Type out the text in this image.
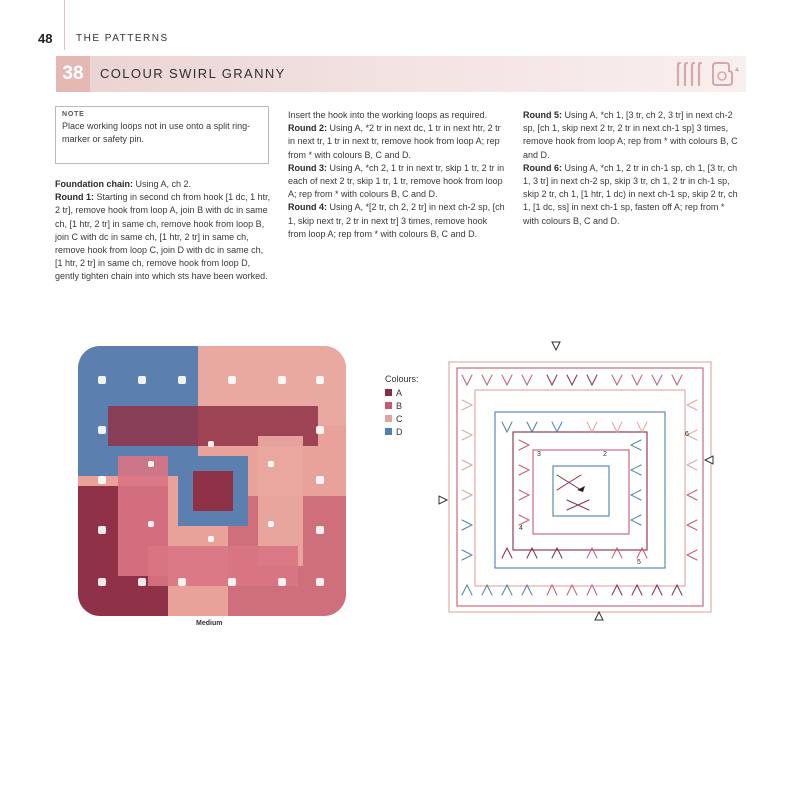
48 THE PATTERNS
38	COLOUR SWIRL GRANNY
NOTE
Place working loops not in use onto a split ring-marker or safety pin.

Foundation chain: Using A, ch 2.

Round 1: Starting in second ch from hook [1 dc, 1 htr, 2 tr], remove hook from loop A, join B with dc in same ch, [1 htr, 2 tr] in same ch, remove hook from loop B, join C with dc in same ch, [1 htr, 2 tr] in same ch, remove hook from loop C, join D with dc in same ch, [1 htr, 2 tr] in same ch, remove hook from loop D, gently tighten chain into which sts have been worked.

Insert the hook into the working loops as required.

Round 2: Using A, *2 tr in next dc, 1 tr in next htr, 2 tr in next tr, 1 tr in next tr, remove hook from loop A; rep from * with colours B, C and D.

Round 3: Using A, *ch 2, 1 tr in next tr, skip 1 tr, 2 tr in each of next 2 tr, skip 1 tr, 1 tr, remove hook from loop A; rep from * with colours B, C and D.

Round 4: Using A, *[2 tr, ch 2, 2 tr] in next ch-2 sp, [ch 1, skip next tr, 2 tr in next tr] 3 times, remove hook from loop A; rep from * with colours B, C and D.

Round 5: Using A, *ch 1, [3 tr, ch 2, 3 tr] in next ch-2 sp, [ch 1, skip next 2 tr, 2 tr in next ch-1 sp] 3 times, remove hook from loop A; rep from * with colours B, C and D.

Round 6: Using A, *ch 1, 2 tr in ch-1 sp, ch 1, [3 tr, ch 1, 3 tr] in next ch-2 sp, skip 3 tr, ch 1, 2 tr in ch-1 sp, skip 2 tr, ch 1, [1 htr, 1 dc) in next ch-1 sp, skip 2 tr, ch 1, [1 dc, ss] in next ch-1 sp, fasten off A; rep from * with colours B, C and D.

Medium
Colours:
A
B
C
D
3	2
4
5
6
